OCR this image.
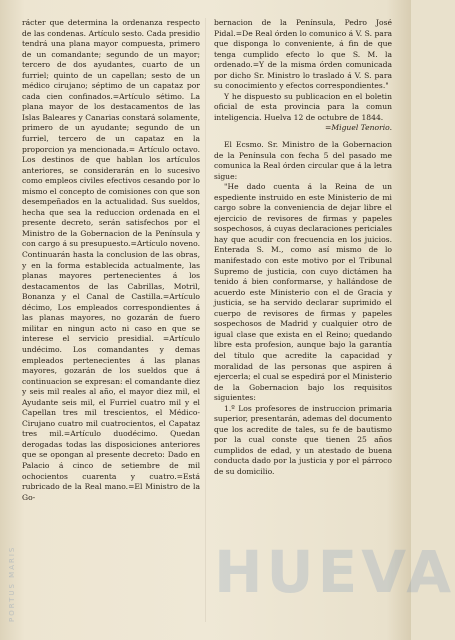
rácter que determina la ordenanza respecto de las condenas. Artículo sesto. Cada presidio tendrá una plana mayor compuesta, primero de un comandante; segundo de un mayor; tercero de dos ayudantes, cuarto de un furriel; quinto de un capellan; sesto de un médico cirujano; séptimo de un capataz por cada cien confinados.=Artículo sétimo. La plana mayor de los destacamentos de las Islas Baleares y Canarias constará solamente, primero de un ayudante; segundo de un furriel, tercero de un capataz en la proporcion ya mencionada.= Artículo octavo. Los destinos de que hablan los artículos anteriores, se considerarán en lo sucesivo como empleos civiles efectivos cesando por lo mismo el concepto de comisiones con que son desempeñados en la actualidad. Sus sueldos, hecha que sea la reduccion ordenada en el presente decreto, serán satisfechos por el Ministro de la Gobernacion de la Península y con cargo á su presupuesto.=Artículo noveno. Continuarán hasta la conclusion de las obras, y en la forma establecida actualmente, las planas mayores pertenecientes á los destacamentos de las Cabrillas, Motril, Bonanza y el Canal de Castilla.=Artículo décimo, Los empleados correspondientes á las planas mayores, no gozarán de fuero militar en ningun acto ni caso en que se interese el servicio presidial. =Artículo undécimo. Los comandantes y demas empleados pertenecientes á las planas mayores, gozarán de los sueldos que á continuacion se expresan: el comandante diez y seis mil reales al año, el mayor diez mil, el Ayudante seis mil, el Furriel cuatro mil y el Capellan tres mil trescientos, el Médico-Cirujano cuatro mil cuatrocientos, el Capataz tres mil.=Artículo duodécimo. Quedan derogadas todas las disposiciones anteriores que se opongan al presente decreto: Dado en Palacio á cinco de setiembre de mil ochocientos cuarenta y cuatro.=Está rubricado de la Real mano.=El Ministro de la Go-

bernacion de la Península, Pedro José Pidal.=De Real órden lo comunico á V. S. para que disponga lo conveniente, á fin de que tenga cumplido efecto lo que S. M. la ordenado.=Y de la misma órden comunicada por dicho Sr. Ministro lo traslado á V. S. para su conocimiento y efectos correspondientes."

Y he dispuesto su publicacion en el boletin oficial de esta provincia para la comun inteligencia. Huelva 12 de octubre de 1844.

=Miguel Tenorio.

El Ecsmo. Sr. Ministro de la Gobernacion de la Península con fecha 5 del pasado me comunica la Real órden circular que á la letra sigue:

"He dado cuenta á la Reina de un espediente instruido en este Ministerio de mi cargo sobre la conveniencia de dejar libre el ejercicio de revisores de firmas y papeles sospechosos, á cuyas declaraciones periciales hay que acudir con frecuencia en los juicios. Enterada S. M., como así mismo de lo manifestado con este motivo por el Tribunal Supremo de justicia, con cuyo dictámen ha tenido á bien conformarse, y hallándose de acuerdo este Ministerio con el de Gracia y justicia, se ha servido declarar suprimido el cuerpo de revisores de firmas y papeles sospechosos de Madrid y cualquier otro de igual clase que exista en el Reino; quedando libre esta profesion, aunque bajo la garantía del título que acredite la capacidad y moralidad de las personas que aspiren á ejercerla; el cual se espedirá por el Ministerio de la Gobernacion bajo los requisitos siguientes:

1.º Los profesores de instruccion primaria superior, presentarán, ademas del documento que los acredite de tales, su fe de bautismo por la cual conste que tienen 25 años cumplidos de edad, y un atestado de buena conducta dado por la justicia y por el párroco de su domicilio.

HUEVA
PORTUS MARIS
